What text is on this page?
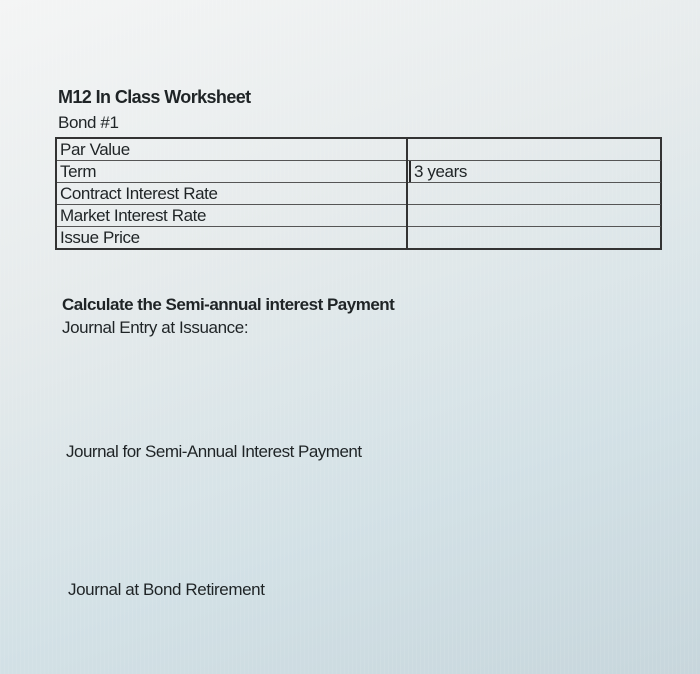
M12 In Class Worksheet
Bond #1
Par Value		

Term	3 years	
Contract Interest Rate		

Market Interest Rate		

Issue Price		
Calculate the Semi-annual interest Payment
Journal Entry at Issuance:
Journal for Semi-Annual Interest Payment
Journal at Bond Retirement
